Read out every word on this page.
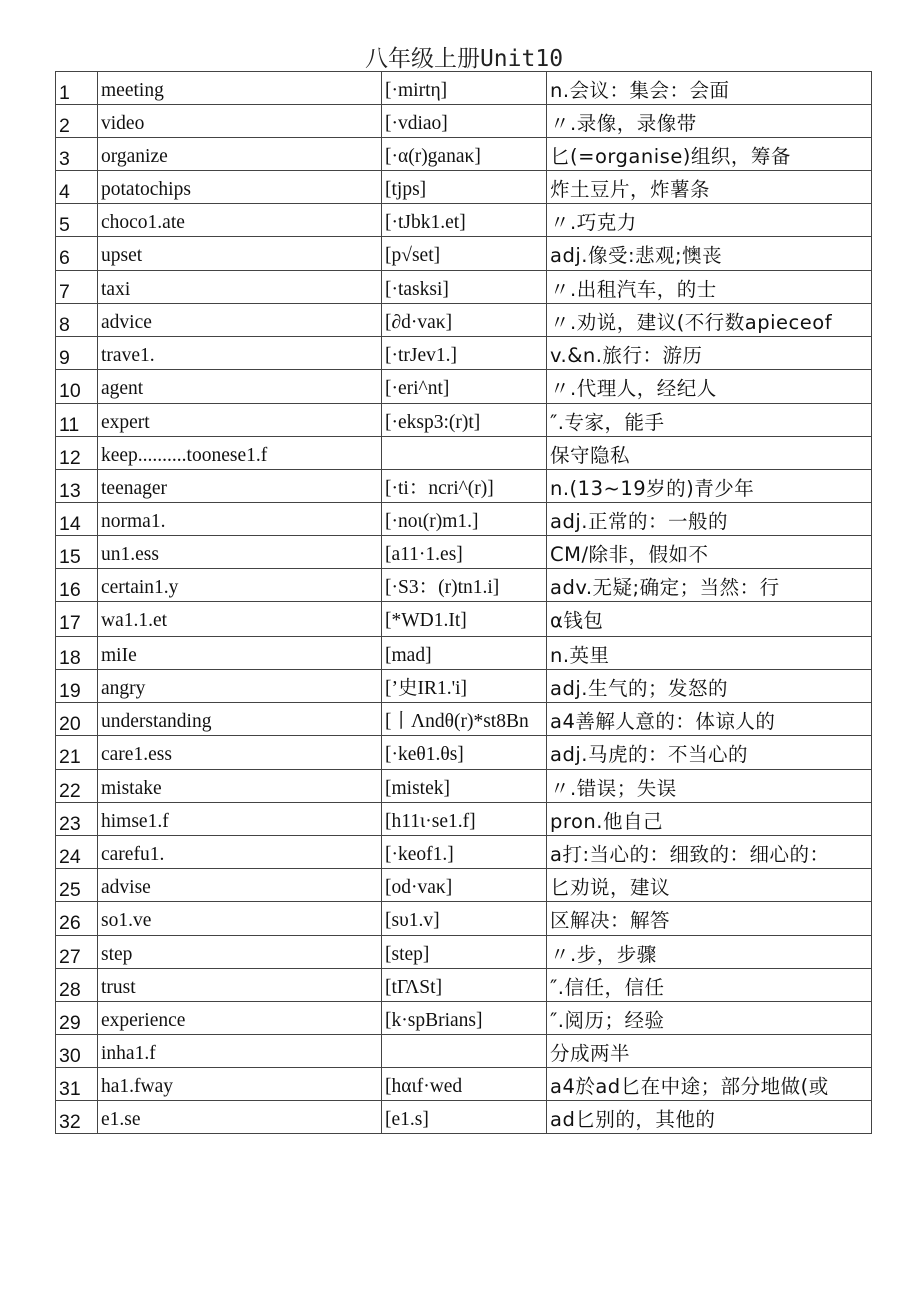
八年级上册Unit10
1	meeting	[·mirtη]	n.会议：集会：会面

2	video	[·vdiao]	〃.录像，录像带

3	organize	[·α(r)ganaκ]	匕(=organise)组织，筹备

4	potatochips	[tjps]	炸土豆片，炸薯条

5	choco1.ate	[·tJbk1.et]	〃.巧克力

6	upset	[p√set]	adj.像受:悲观;懊丧

7	taxi	[·tasksi]	〃.出租汽车，的士

8	advice	[∂d·vaκ]	〃.劝说，建议(不行数apieceof

9	trave1.	[·trJev1.]	v.&n.旅行：游历

10	agent	[·eri^nt]	〃.代理人，经纪人

11	expert	[·eksp3:(r)t]	″.专家，能手

12	keep..........toonese1.f		保守隐私

13	teenager	[·ti：ncri^(r)]	n.(13~19岁的)青少年

14	norma1.	[·noι(r)m1.]	adj.正常的：一般的

15	un1.ess	[a11·1.es]	CM/除非，假如不

16	certain1.y	[·S3：(r)tn1.i]	adv.无疑;确定；当然：行

17	wa1.1.et	[*WD1.It]	α钱包

18	miIe	[mad]	n.英里

19	angry	[’史IR1.'i]	adj.生气的；发怒的

20	understanding	[丨Λndθ(r)*st8Bn	a4善解人意的：体谅人的

21	care1.ess	[·keθ1.θs]	adj.马虎的：不当心的

22	mistake	[mistek]	〃.错误；失误

23	himse1.f	[h11ι·se1.f]	pron.他自己

24	carefu1.	[·keof1.]	a打:当心的：细致的：细心的：

25	advise	[od·vaκ]	匕劝说，建议

26	so1.ve	[sυ1.v]	区解决：解答

27	step	[step]	〃.步，步骤

28	trust	[tΓΛSt]	″.信任，信任

29	experience	[k·spBrians]	″.阅历；经验

30	inha1.f		分成两半

31	ha1.fway	[hαιf·wed	a4於ad匕在中途；部分地做(或

32	e1.se	[e1.s]	ad匕别的，其他的
